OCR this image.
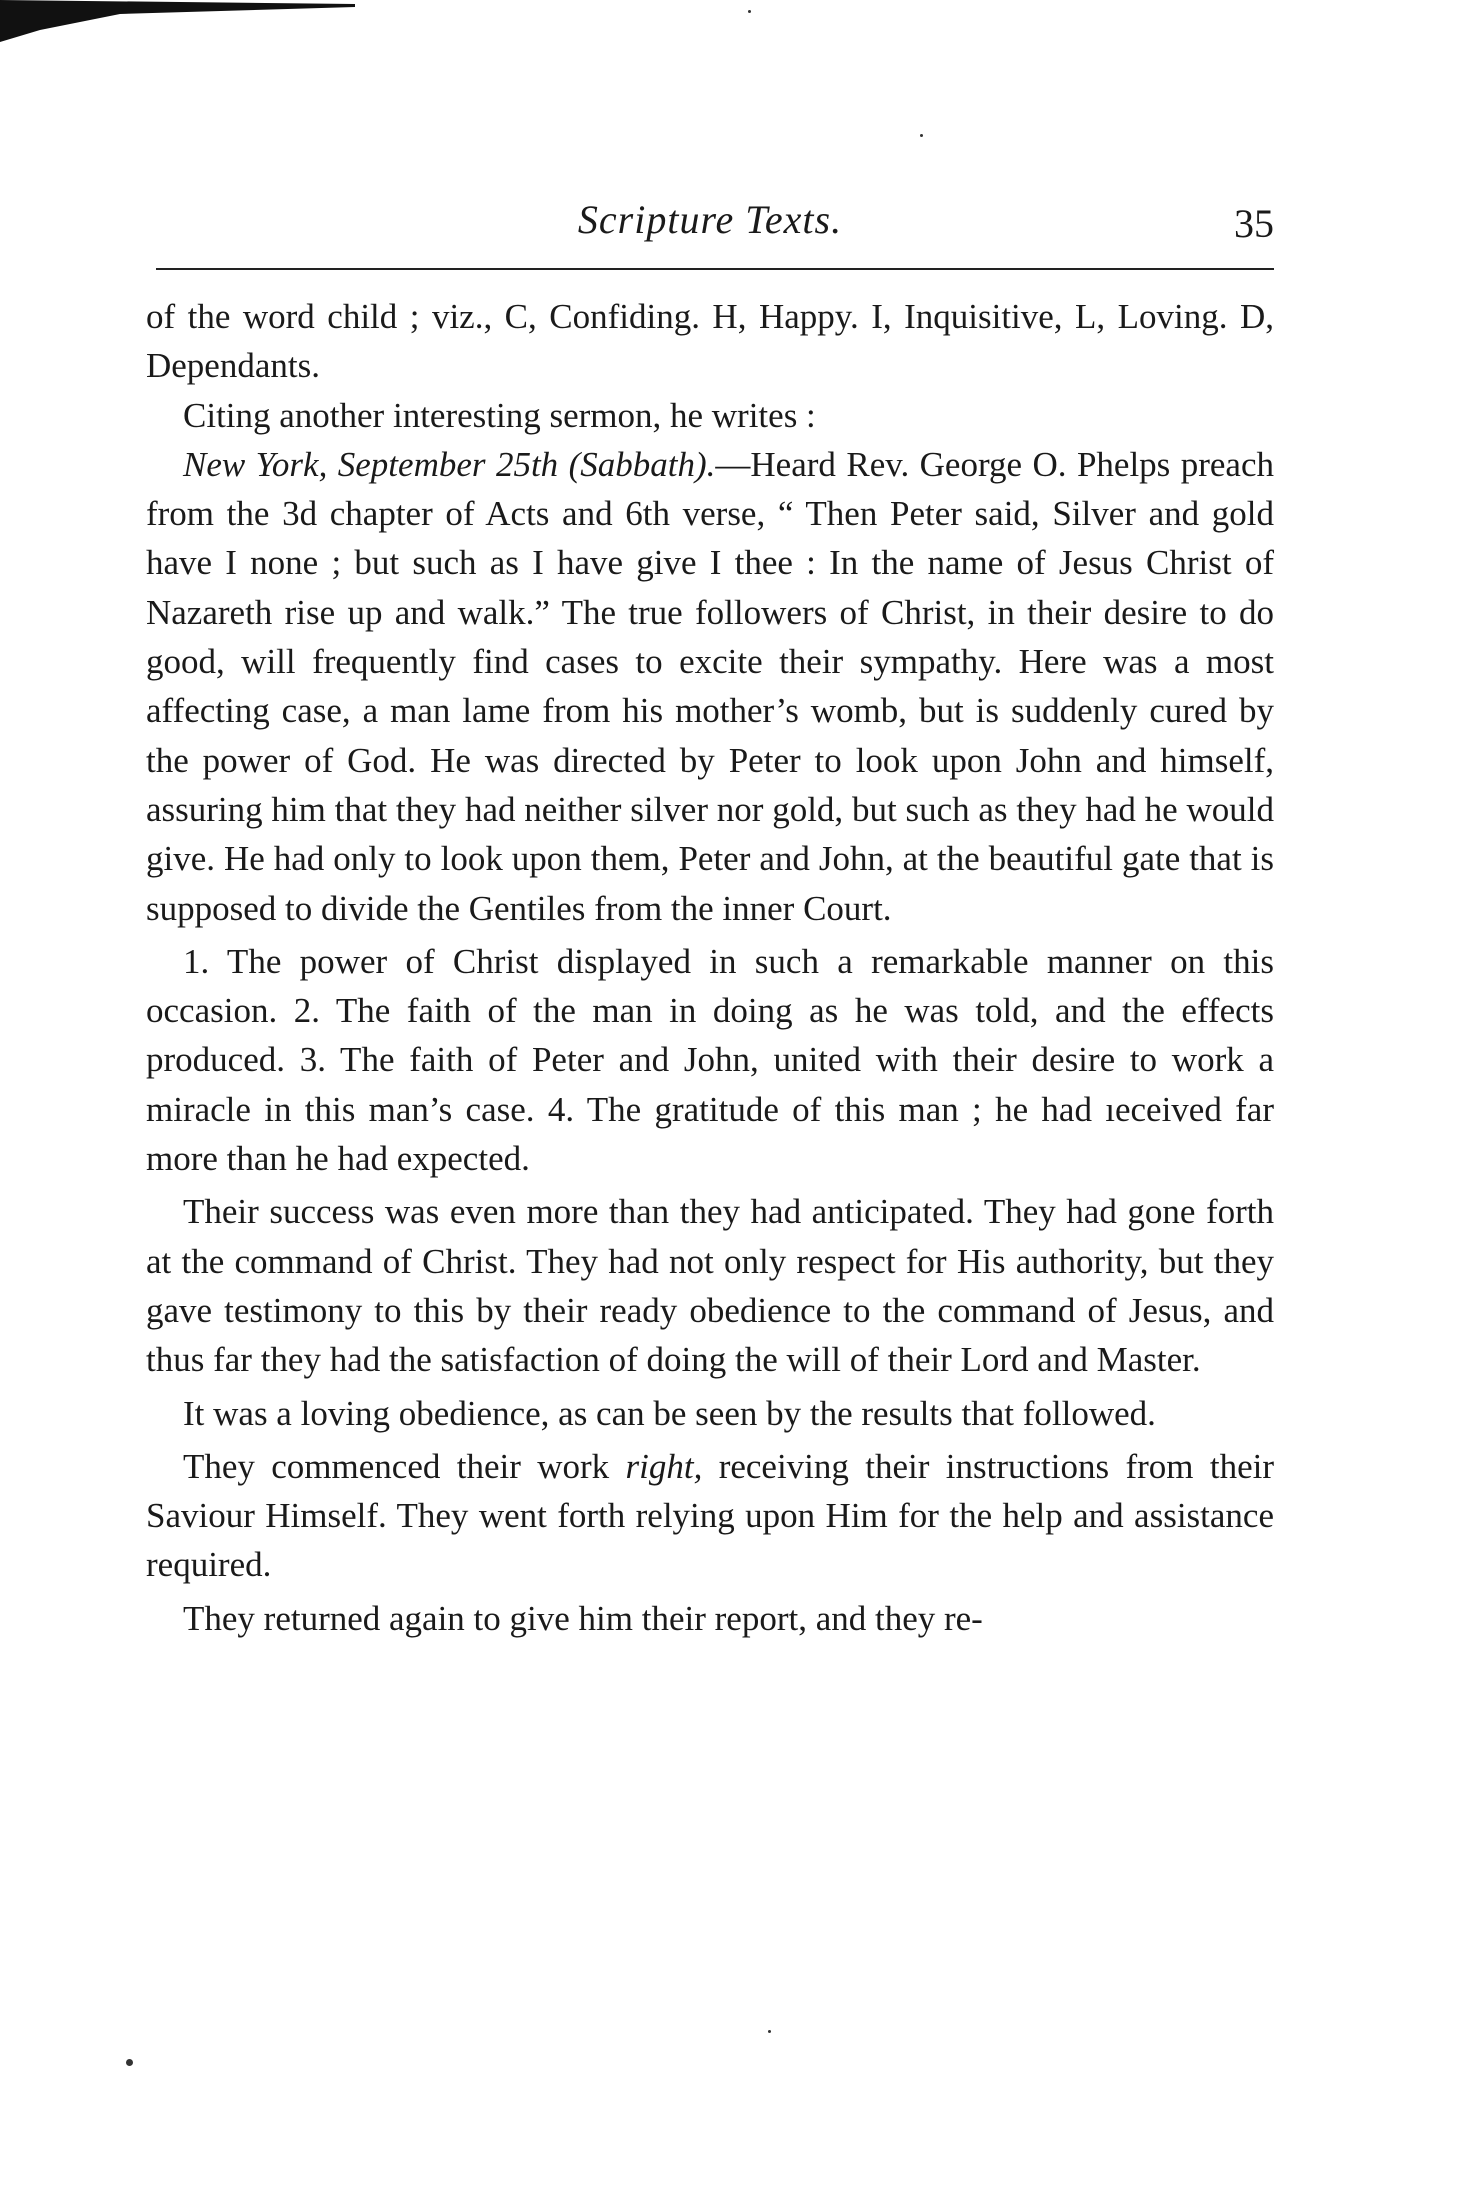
Scripture Texts.	35

of the word child ; viz., C, Confiding. H, Happy. I, Inquisitive, L, Loving. D, Dependants.

Citing another interesting sermon, he writes :

New York, September 25th (Sabbath).—Heard Rev. George O. Phelps preach from the 3d chapter of Acts and 6th verse, “ Then Peter said, Silver and gold have I none ; but such as I have give I thee : In the name of Jesus Christ of Nazareth rise up and walk.” The true followers of Christ, in their desire to do good, will frequently find cases to excite their sympathy. Here was a most affecting case, a man lame from his mother’s womb, but is suddenly cured by the power of God. He was directed by Peter to look upon John and himself, assuring him that they had neither silver nor gold, but such as they had he would give. He had only to look upon them, Peter and John, at the beautiful gate that is supposed to divide the Gentiles from the inner Court.

1. The power of Christ displayed in such a remarkable manner on this occasion. 2. The faith of the man in doing as he was told, and the effects produced. 3. The faith of Peter and John, united with their desire to work a miracle in this man’s case. 4. The gratitude of this man ; he had ıeceived far more than he had expected.

Their success was even more than they had anticipated. They had gone forth at the command of Christ. They had not only respect for His authority, but they gave testimony to this by their ready obedience to the command of Jesus, and thus far they had the satisfaction of doing the will of their Lord and Master.

It was a loving obedience, as can be seen by the results that followed.

They commenced their work right, receiving their instructions from their Saviour Himself. They went forth relying upon Him for the help and assistance required.

They returned again to give him their report, and they re-
